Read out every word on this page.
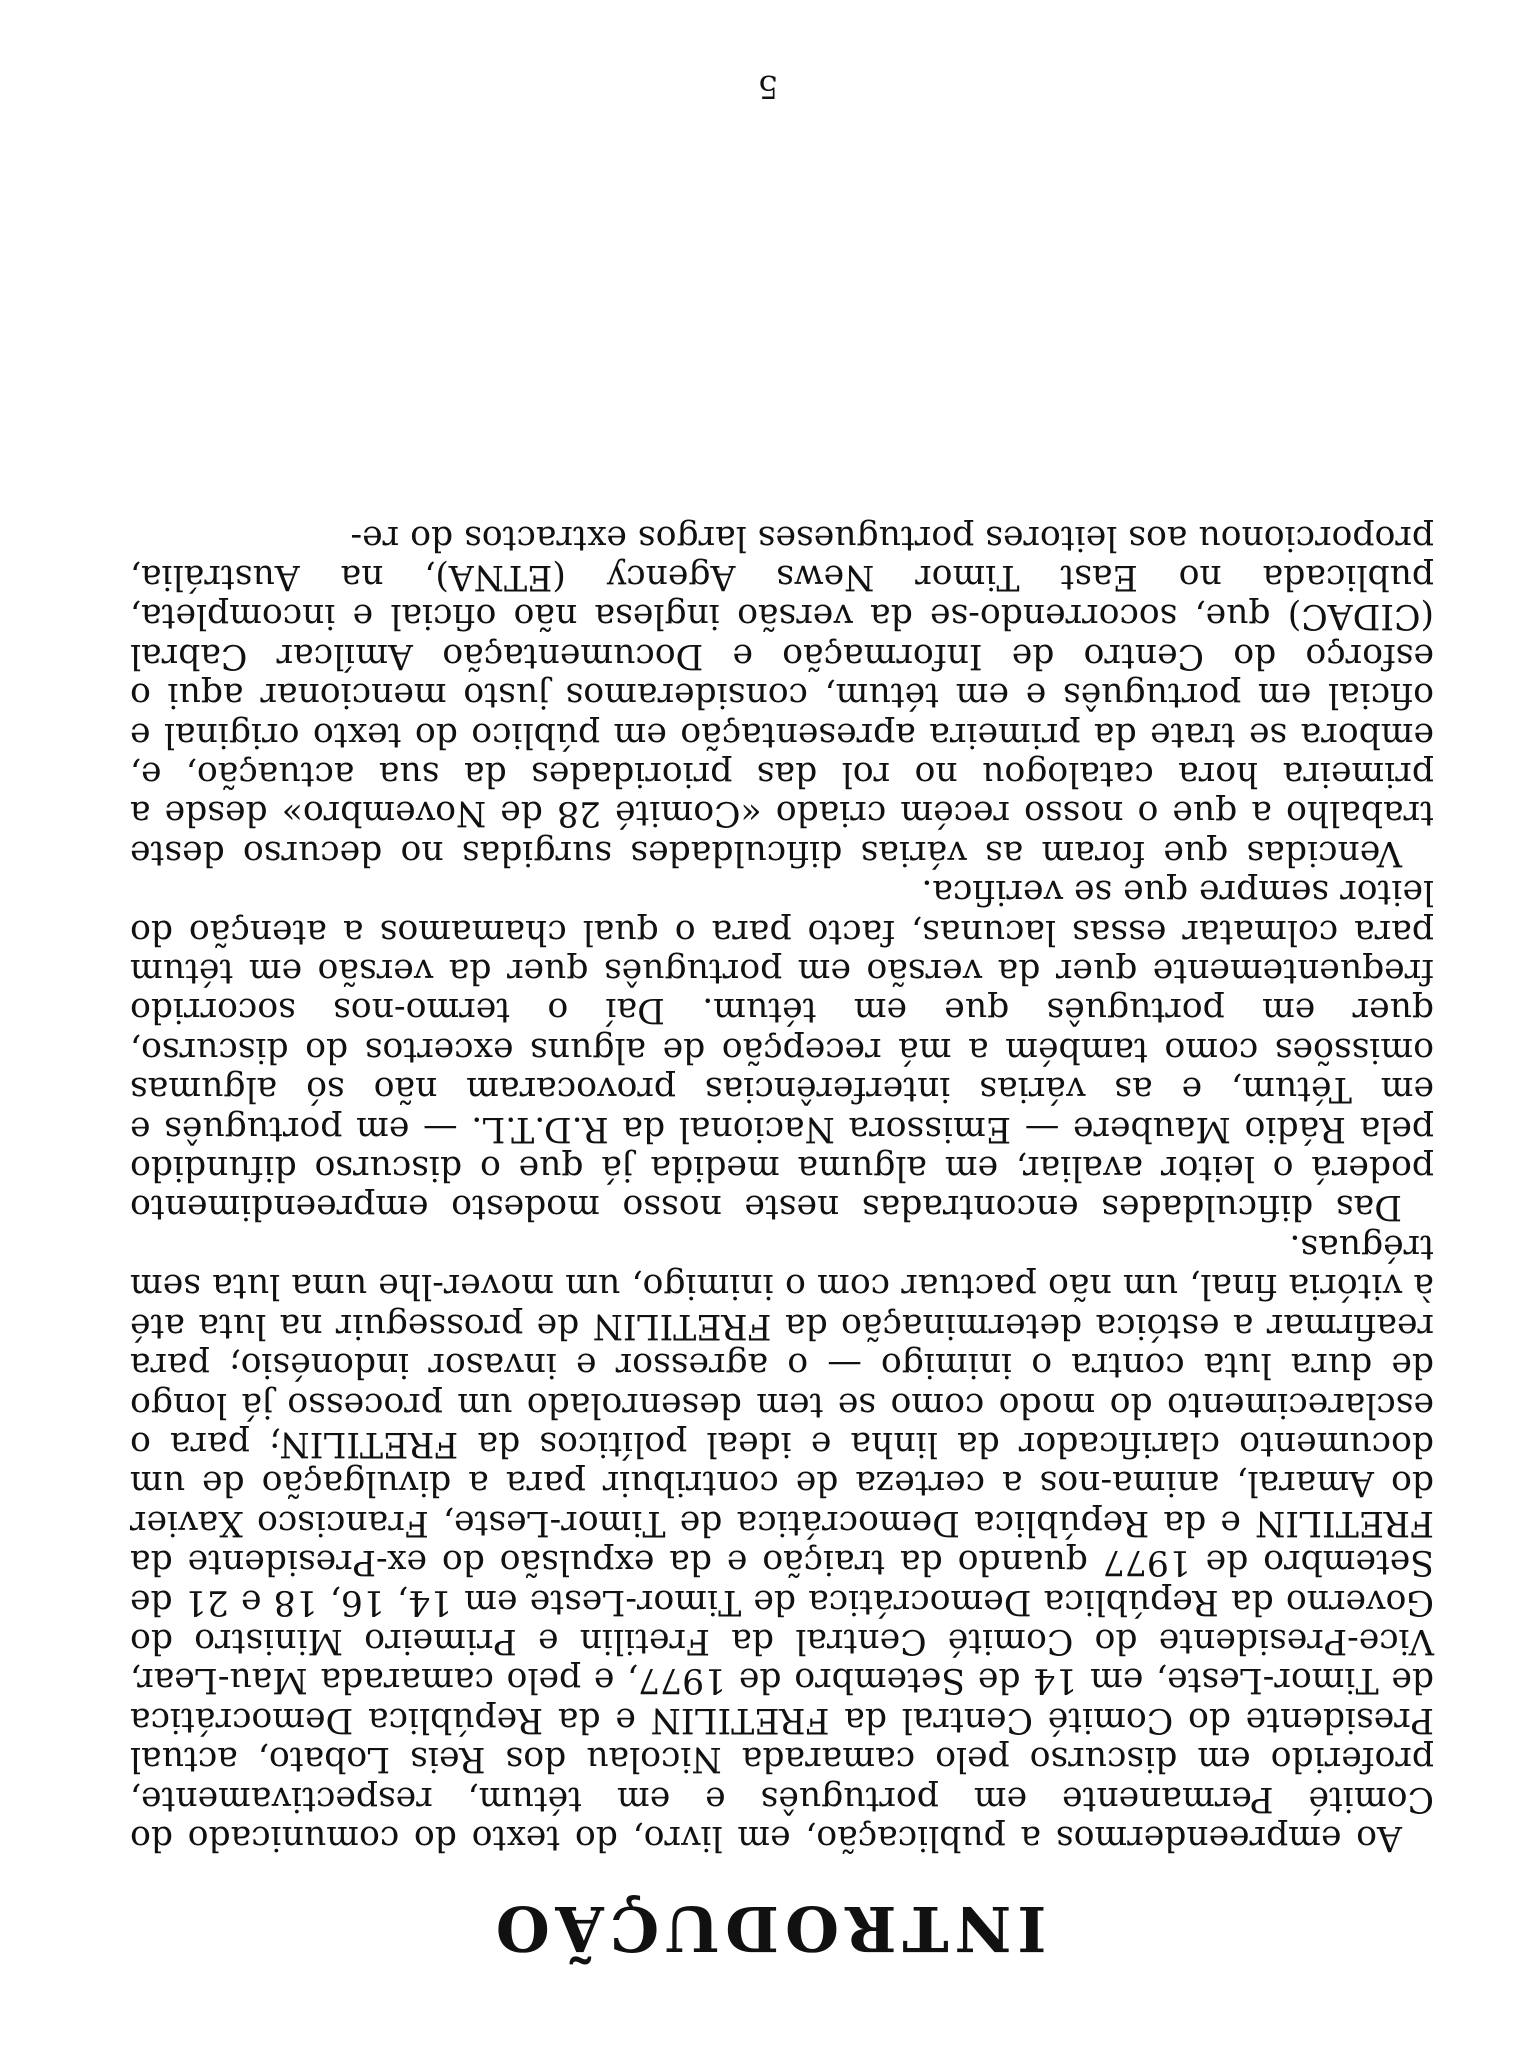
INTRODUÇÃO

Ao empreendermos a publicação, em livro, do texto do comunicado do Comité Permanente em português e em tétum, respectivamente, proferido em discurso pelo camarada Nicolau dos Reis Lobato, actual Presidente do Comité Central da FRETILIN e da República Democrática de Timor-Leste, em 14 de Setembro de 1977, e pelo camarada Mau-Lear, Vice-Presidente do Comité Central da Fretilin e Primeiro Ministro do Governo da República Democrática de Timor-Leste em 14, 16, 18 e 21 de Setembro de 1977 quando da traição e da expulsão do ex-Presidente da FRETILIN e da República Democrática de Timor-Leste, Francisco Xavier do Amaral, anima-nos a certeza de contribuir para a divulgação de um documento clarificador da linha e ideal políticos da FRETILIN; para o esclarecimento do modo como se tem desenrolado um processo já longo de dura luta contra o inimigo — o agressor e invasor indonésio; para reafirmar a estóica determinação da FRETILIN de prosseguir na luta até à vitória final, um não pactuar com o inimigo, um mover-lhe uma luta sem tréguas.

Das dificuldades encontradas neste nosso modesto empreendimento poderá o leitor avaliar, em alguma medida já que o discurso difundido pela Rádio Maubere — Emissora Nacional da R.D.T.L. — em português e em Tétum, e as várias interferências provocaram não só algumas omissões como também a má recepção de alguns excertos do discurso, quer em português que em tétum. Daí o termo-nos socorrido frequentemente quer da versão em português quer da versão em tétum para colmatar essas lacunas, facto para o qual chamamos a atenção do leitor sempre que se verifica.

Vencidas que foram as várias dificuldades surgidas no decurso deste trabalho a que o nosso recém criado «Comité 28 de Novembro» desde a primeira hora catalogou no rol das prioridades da sua actuação, e, embora se trate da primeira apresentação em público do texto original e oficial em português e em tétum, consideramos justo mencionar aqui o esforço do Centro de Informação e Documentação Amílcar Cabral (CIDAC) que, socorrendo-se da versão inglesa não oficial e incompleta, publicada no East Timor News Agency (ETNA), na Austrália, proporcionou aos leitores portugueses largos extractos do re-

5
